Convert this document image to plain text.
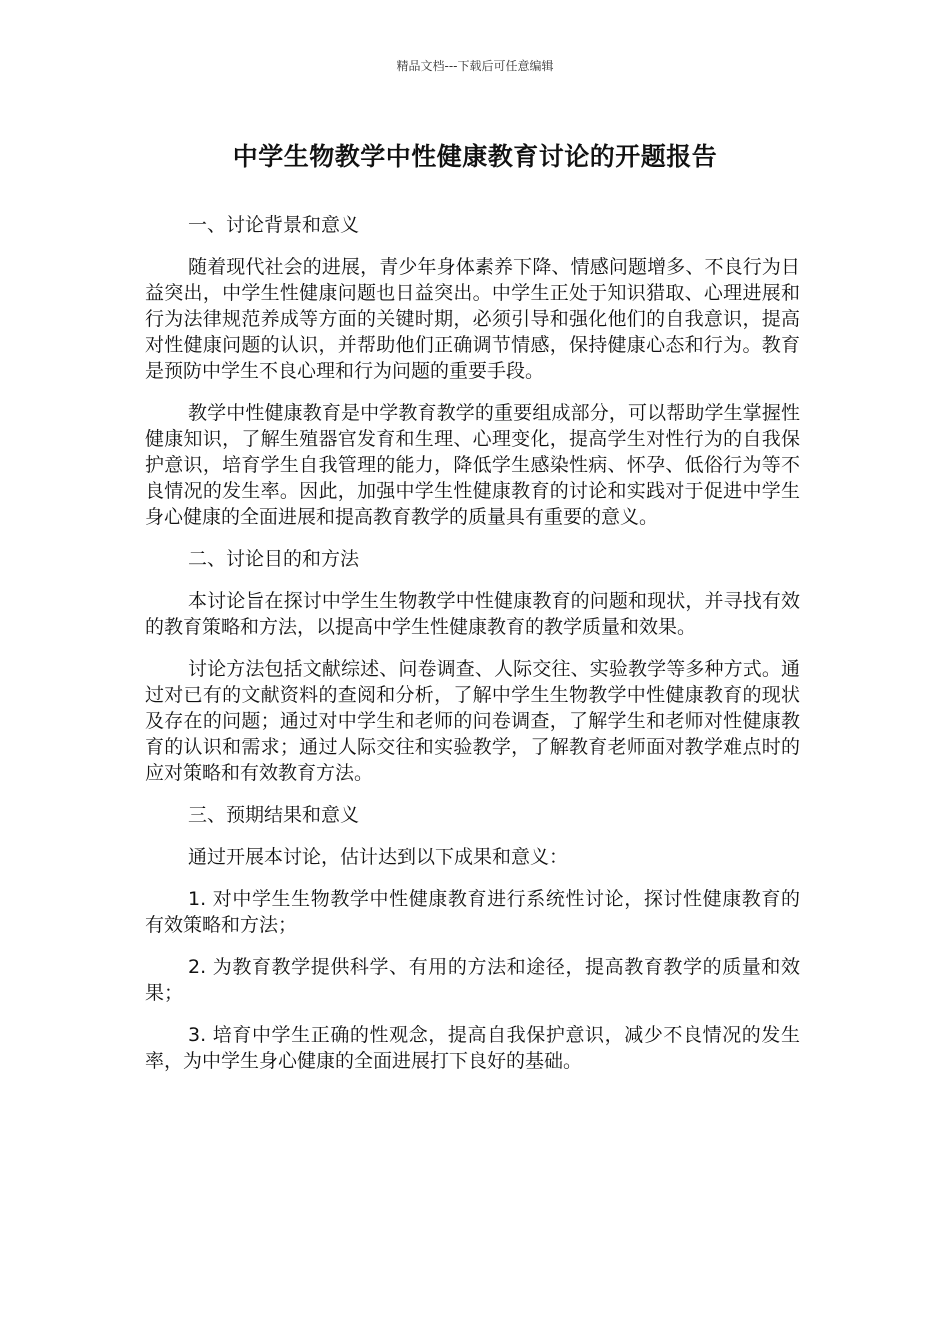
精品文档---下载后可任意编辑
中学生物教学中性健康教育讨论的开题报告

一、讨论背景和意义

随着现代社会的进展，青少年身体素养下降、情感问题增多、不良行为日益突出，中学生性健康问题也日益突出。中学生正处于知识猎取、心理进展和行为法律规范养成等方面的关键时期，必须引导和强化他们的自我意识，提高对性健康问题的认识，并帮助他们正确调节情感，保持健康心态和行为。教育是预防中学生不良心理和行为问题的重要手段。

教学中性健康教育是中学教育教学的重要组成部分，可以帮助学生掌握性健康知识，了解生殖器官发育和生理、心理变化，提高学生对性行为的自我保护意识，培育学生自我管理的能力，降低学生感染性病、怀孕、低俗行为等不良情况的发生率。因此，加强中学生性健康教育的讨论和实践对于促进中学生身心健康的全面进展和提高教育教学的质量具有重要的意义。

二、讨论目的和方法

本讨论旨在探讨中学生生物教学中性健康教育的问题和现状，并寻找有效的教育策略和方法，以提高中学生性健康教育的教学质量和效果。

讨论方法包括文献综述、问卷调查、人际交往、实验教学等多种方式。通过对已有的文献资料的查阅和分析，了解中学生生物教学中性健康教育的现状及存在的问题；通过对中学生和老师的问卷调查，了解学生和老师对性健康教育的认识和需求；通过人际交往和实验教学，了解教育老师面对教学难点时的应对策略和有效教育方法。

三、预期结果和意义

通过开展本讨论，估计达到以下成果和意义：

1. 对中学生生物教学中性健康教育进行系统性讨论，探讨性健康教育的有效策略和方法；

2. 为教育教学提供科学、有用的方法和途径，提高教育教学的质量和效果；

3. 培育中学生正确的性观念，提高自我保护意识，减少不良情况的发生率，为中学生身心健康的全面进展打下良好的基础。
